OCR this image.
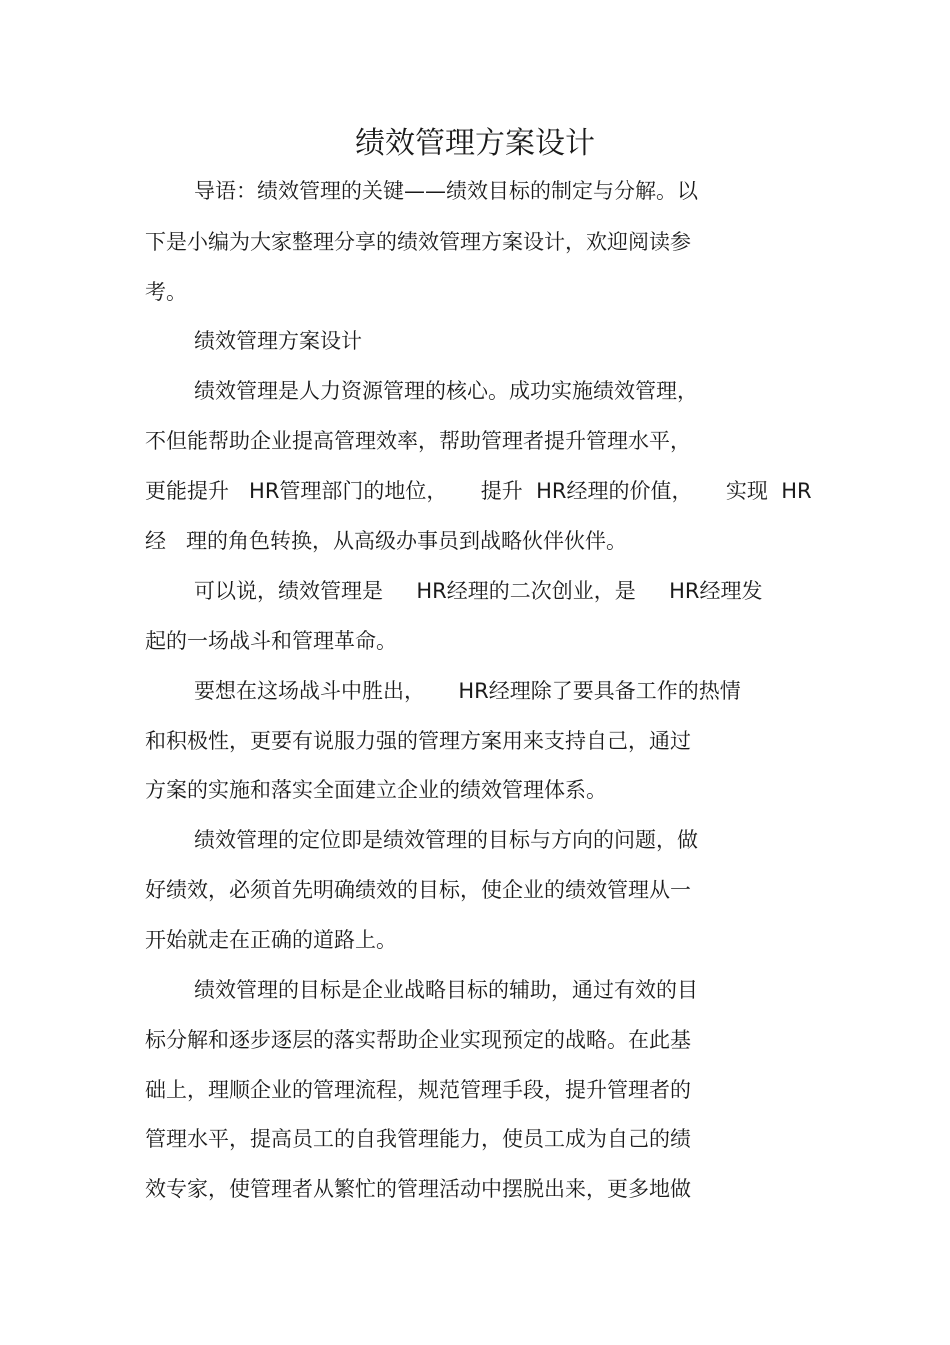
绩效管理方案设计

导语：绩效管理的关键——绩效目标的制定与分解。以

下是小编为大家整理分享的绩效管理方案设计，欢迎阅读参

考。

绩效管理方案设计

绩效管理是人力资源管理的核心。成功实施绩效管理，

不但能帮助企业提高管理效率，帮助管理者提升管理水平，

更能提升   HR管理部门的地位，     提升  HR经理的价值，     实现  HR

经   理的角色转换，从高级办事员到战略伙伴伙伴。

可以说，绩效管理是     HR经理的二次创业，是     HR经理发

起的一场战斗和管理革命。

要想在这场战斗中胜出，     HR经理除了要具备工作的热情

和积极性，更要有说服力强的管理方案用来支持自己，通过

方案的实施和落实全面建立企业的绩效管理体系。

绩效管理的定位即是绩效管理的目标与方向的问题，做

好绩效，必须首先明确绩效的目标，使企业的绩效管理从一

开始就走在正确的道路上。

绩效管理的目标是企业战略目标的辅助，通过有效的目

标分解和逐步逐层的落实帮助企业实现预定的战略。在此基

础上，理顺企业的管理流程，规范管理手段，提升管理者的

管理水平，提高员工的自我管理能力，使员工成为自己的绩

效专家，使管理者从繁忙的管理活动中摆脱出来，更多地做
